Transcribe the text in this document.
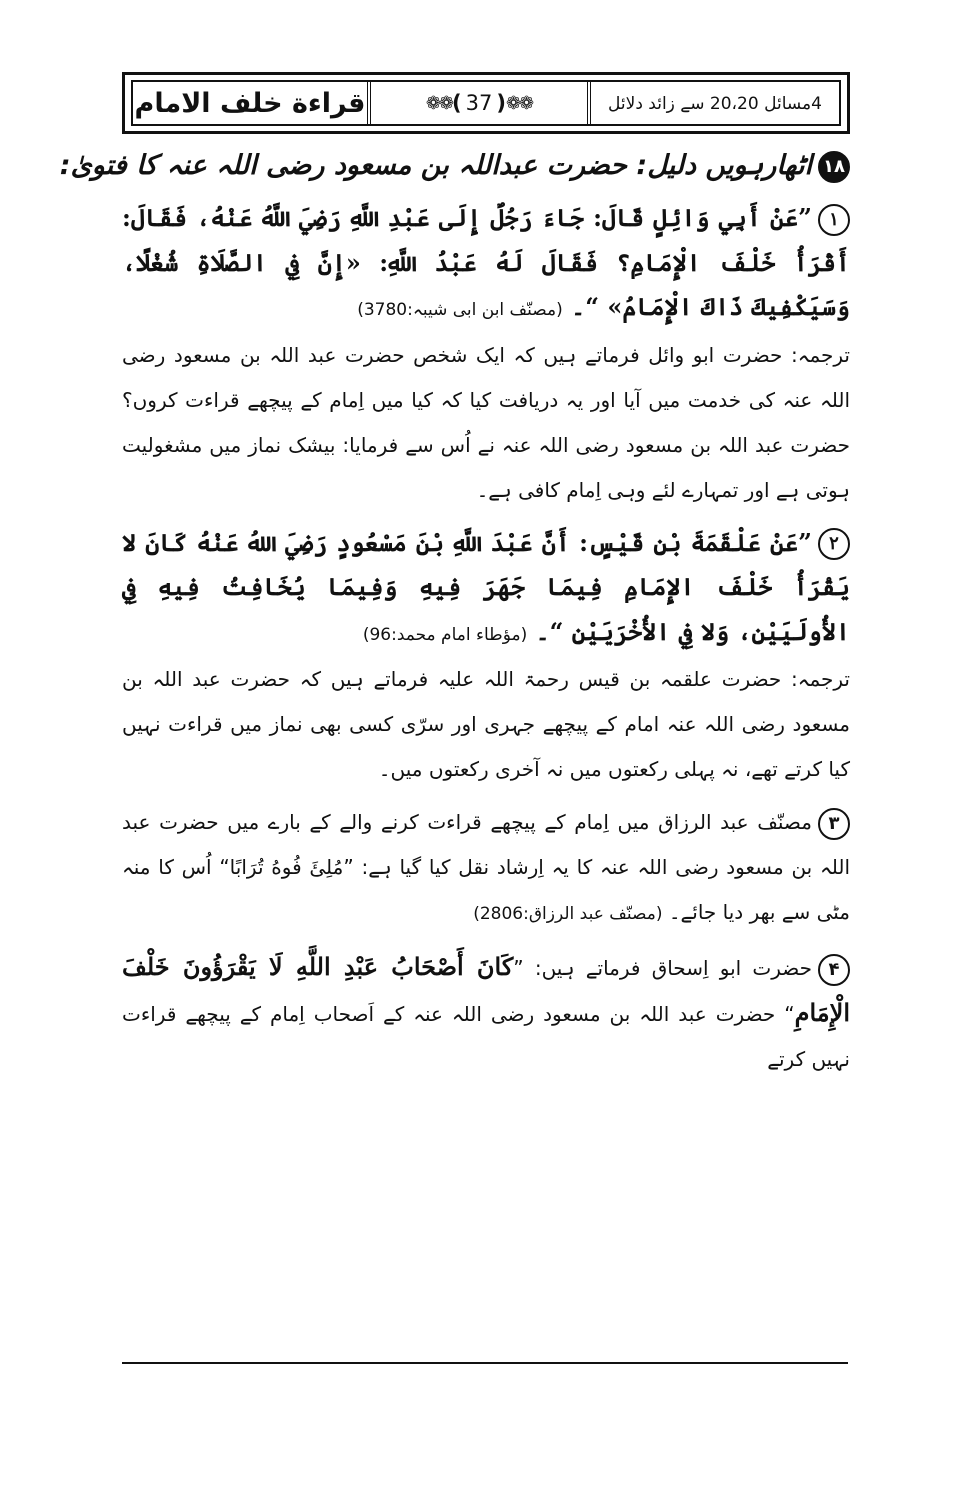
قراءة خلف الامام	❁❁ ( 37 ) ❁❁	4مسائل 20،20 سے زائد دلائل
۱۸اٹھارہویں دلیل: حضرت عبداللہ بن مسعود رضی اللہ عنہ کا فتویٰ:
۱”عَنْ أَبِي وَائِلٍ قَالَ: جَاءَ رَجُلٌ إِلَى عَبْدِ اللَّهِ رَضِيَ اللَّهُ عَنْهُ، فَقَالَ: أَقْرَأُ خَلْفَ الْإِمَامِ؟ فَقَالَ لَهُ عَبْدُ اللَّهِ: «إِنَّ فِي الصَّلَاةِ شُغْلًا، وَسَيَكْفِيكَ ذَاكَ الْإِمَامُ» “۔ (مصنّف ابن ابی شیبہ:3780)
ترجمہ: حضرت ابو وائل فرماتے ہیں کہ ایک شخص حضرت عبد اللہ بن مسعود رضی اللہ عنہ کی خدمت میں آیا اور یہ دریافت کیا کہ کیا میں اِمام کے پیچھے قراءت کروں؟ حضرت عبد اللہ بن مسعود رضی اللہ عنہ نے اُس سے فرمایا: بیشک نماز میں مشغولیت ہوتی ہے اور تمہارے لئے وہی اِمام کافی ہے۔
۲”عَنْ عَلْقَمَةَ بْنِ قَيْسٍ: أَنَّ عَبْدَ اللَّهِ بْنَ مَسْعُودٍ رَضِيَ اللهُ عَنْهُ كَانَ لا يَقْرَأُ خَلْفَ الإِمَامِ فِيمَا جَهَرَ فِيهِ وَفِيمَا يُخَافِتُ فِيهِ فِي الأُولَيَيْنِ، وَلا فِي الأُخْرَيَيْنِ “۔ (مؤطاء امام محمد:96)
ترجمہ: حضرت علقمہ بن قیس رحمۃ اللہ علیہ فرماتے ہیں کہ حضرت عبد اللہ بن مسعود رضی اللہ عنہ امام کے پیچھے جہری اور سرّی کسی بھی نماز میں قراءت نہیں کیا کرتے تھے، نہ پہلی رکعتوں میں نہ آخری رکعتوں میں۔
۳مصنّف عبد الرزاق میں اِمام کے پیچھے قراءت کرنے والے کے بارے میں حضرت عبد اللہ بن مسعود رضی اللہ عنہ کا یہ اِرشاد نقل کیا گیا ہے: ”مُلِئَ فُوهُ تُرَابًا“ اُس کا منہ مٹی سے بھر دیا جائے۔ (مصنّف عبد الرزاق:2806)
۴حضرت ابو اِسحاق فرماتے ہیں: ”كَانَ أَصْحَابُ عَبْدِ اللَّهِ لَا يَقْرَؤُونَ خَلْفَ الْإِمَامِ“ حضرت عبد اللہ بن مسعود رضی اللہ عنہ کے اَصحاب اِمام کے پیچھے قراءت نہیں کرتے
